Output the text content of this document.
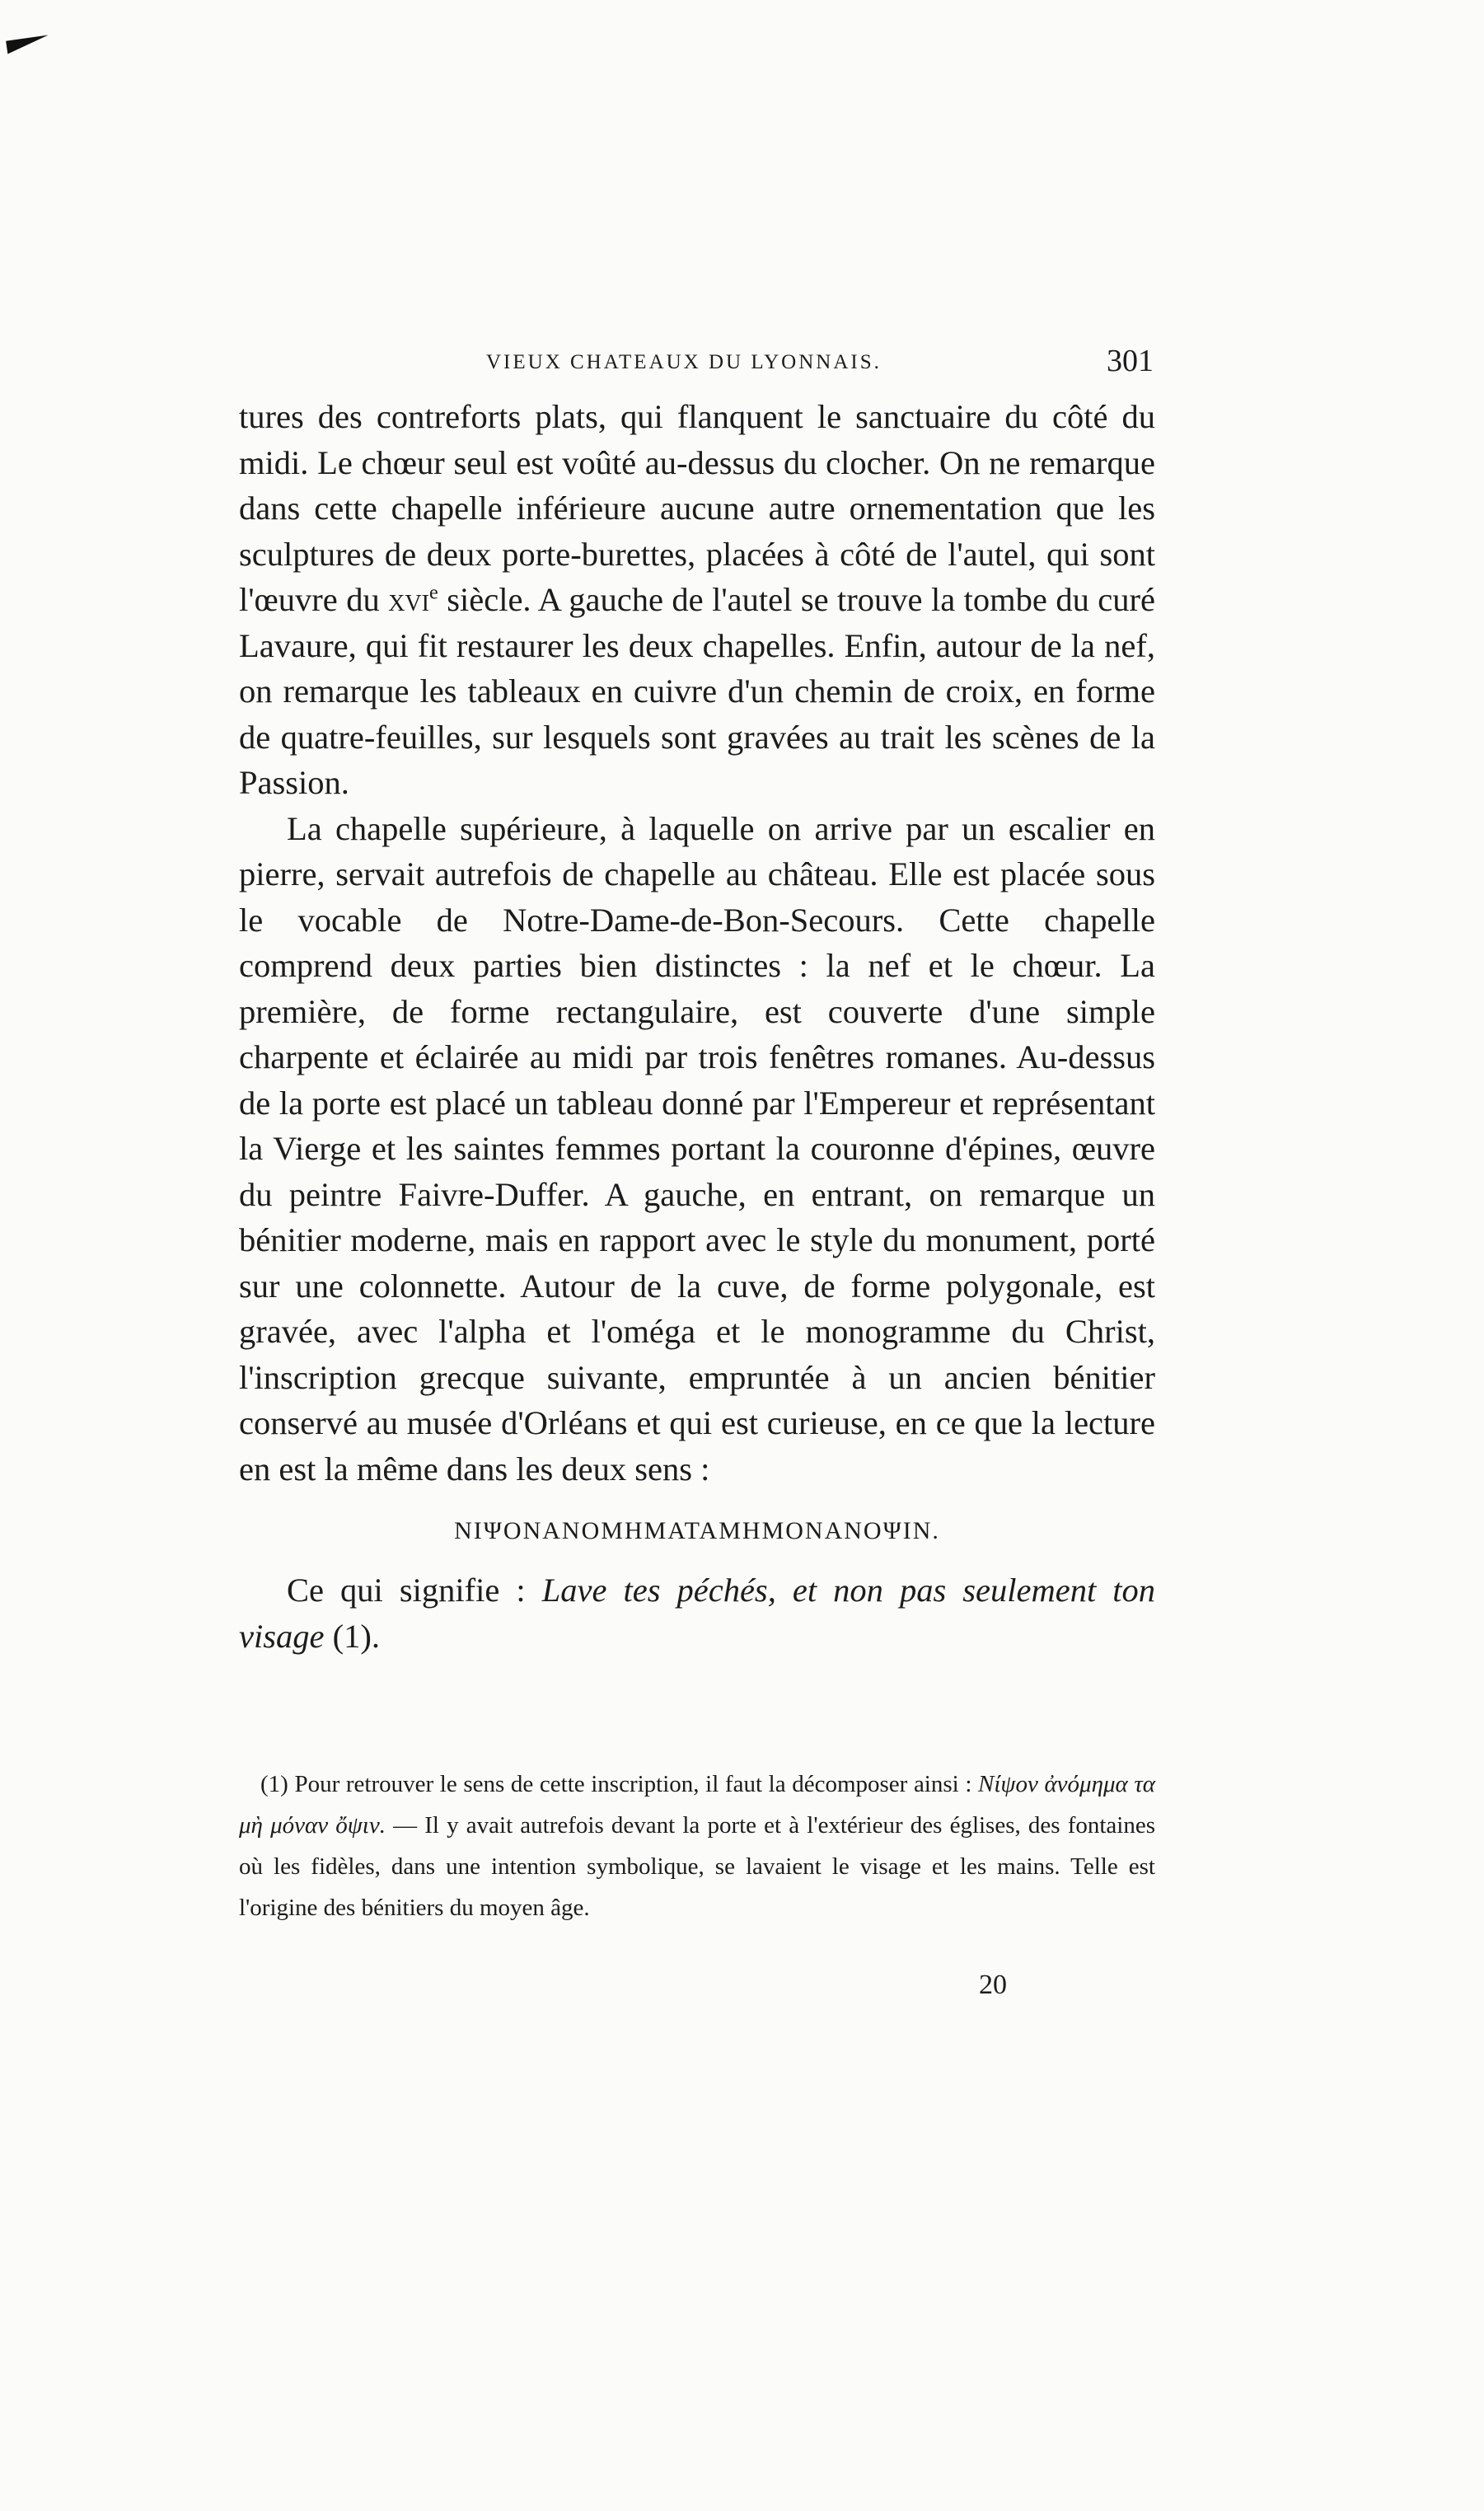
VIEUX CHATEAUX DU LYONNAIS.	301

tures des contreforts plats, qui flanquent le sanctuaire du côté du midi. Le chœur seul est voûté au-dessus du clocher. On ne remarque dans cette chapelle inférieure aucune autre ornementation que les sculptures de deux porte-burettes, placées à côté de l'autel, qui sont l'œuvre du xvi$^e$ siècle. A gauche de l'autel se trouve la tombe du curé Lavaure, qui fit restaurer les deux chapelles. Enfin, autour de la nef, on remarque les tableaux en cuivre d'un chemin de croix, en forme de quatre-feuilles, sur lesquels sont gravées au trait les scènes de la Passion.

La chapelle supérieure, à laquelle on arrive par un escalier en pierre, servait autrefois de chapelle au château. Elle est placée sous le vocable de Notre-Dame-de-Bon-Secours. Cette chapelle comprend deux parties bien distinctes : la nef et le chœur. La première, de forme rectangulaire, est couverte d'une simple charpente et éclairée au midi par trois fenêtres romanes. Au-dessus de la porte est placé un tableau donné par l'Empereur et représentant la Vierge et les saintes femmes portant la couronne d'épines, œuvre du peintre Faivre-Duffer. A gauche, en entrant, on remarque un bénitier moderne, mais en rapport avec le style du monument, porté sur une colonnette. Autour de la cuve, de forme polygonale, est gravée, avec l'alpha et l'oméga et le monogramme du Christ, l'inscription grecque suivante, empruntée à un ancien bénitier conservé au musée d'Orléans et qui est curieuse, en ce que la lecture en est la même dans les deux sens :

ΝΙΨΟΝΑΝΟΜΗΜΑΤΑΜΗΜΟΝΑΝΟΨΙΝ.

Ce qui signifie : Lave tes péchés, et non pas seulement ton visage (1).

(1) Pour retrouver le sens de cette inscription, il faut la décomposer ainsi : Νίψον ἀνόμημα τα μὴ μόναν ὄψιν. — Il y avait autrefois devant la porte et à l'extérieur des églises, des fontaines où les fidèles, dans une intention symbolique, se lavaient le visage et les mains. Telle est l'origine des bénitiers du moyen âge.

20
